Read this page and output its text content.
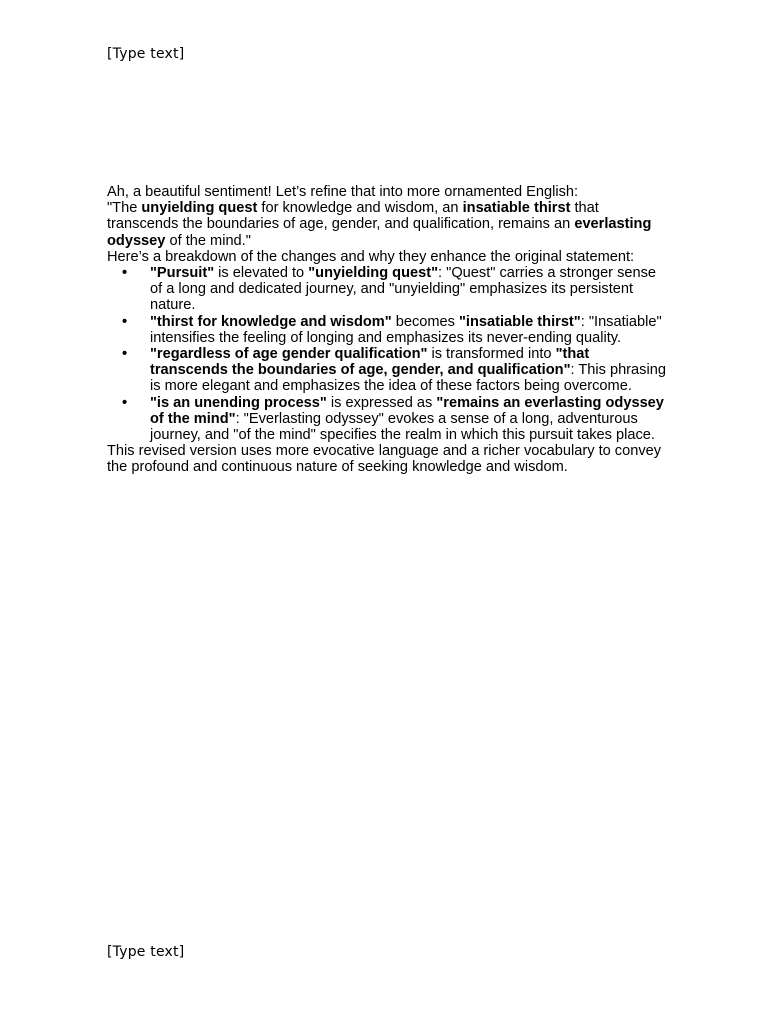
[Type text]

Ah, a beautiful sentiment! Let’s refine that into more ornamented English:

"The unyielding quest for knowledge and wisdom, an insatiable thirst that transcends the boundaries of age, gender, and qualification, remains an everlasting odyssey of the mind."

Here’s a breakdown of the changes and why they enhance the original statement:

• "Pursuit" is elevated to "unyielding quest": "Quest" carries a stronger sense of a long and dedicated journey, and "unyielding" emphasizes its persistent nature.
• "thirst for knowledge and wisdom" becomes "insatiable thirst": "Insatiable" intensifies the feeling of longing and emphasizes its never-ending quality.
• "regardless of age gender qualification" is transformed into "that transcends the boundaries of age, gender, and qualification": This phrasing is more elegant and emphasizes the idea of these factors being overcome.
• "is an unending process" is expressed as "remains an everlasting odyssey of the mind": "Everlasting odyssey" evokes a sense of a long, adventurous journey, and "of the mind" specifies the realm in which this pursuit takes place.

This revised version uses more evocative language and a richer vocabulary to convey the profound and continuous nature of seeking knowledge and wisdom.

[Type text]
